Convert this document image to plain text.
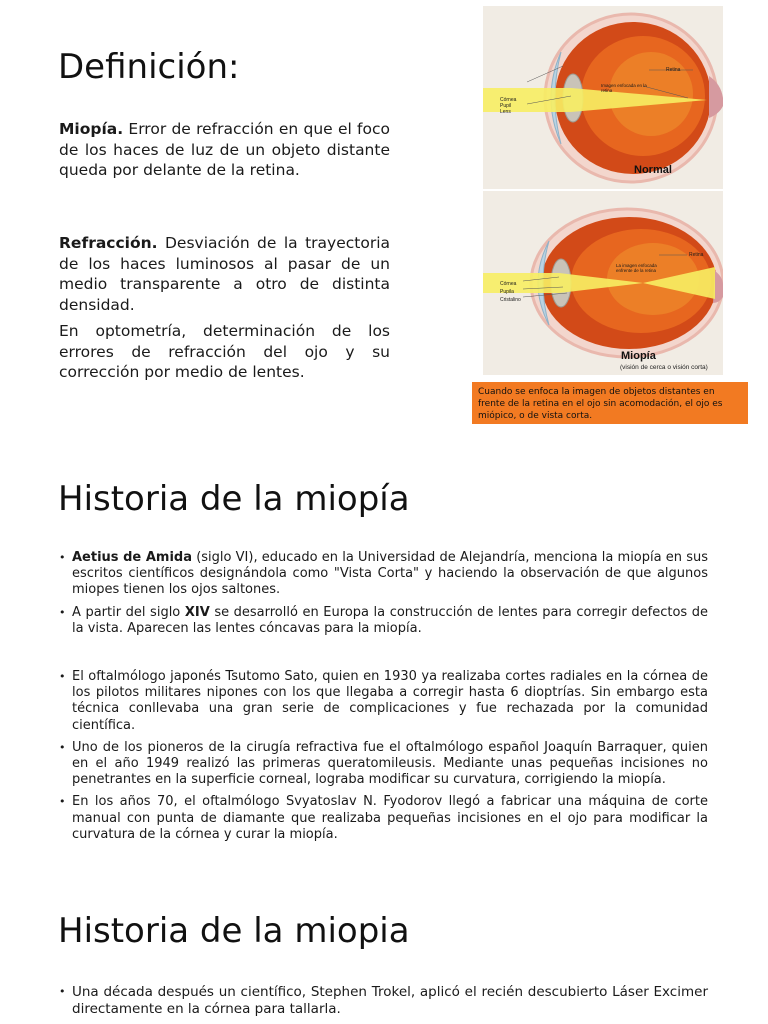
Definición:

Miopía. Error de refracción en que el foco de los haces de luz de un objeto distante queda por delante de la retina.

Refracción. Desviación de la trayectoria de los haces luminosos al pasar de un medio transparente a otro de distinta densidad.

En optometría, determinación de los errores de refracción del ojo y su corrección por medio de lentes.

Córnea
Pupil
Lens
Retina
Imagen enfocada en la retina
Normal
Córnea
Pupila
Cristalino
Retina
La imagen enfocada enfrente de la retina
Miopía
(visión de cerca o visión corta)
Cuando se enfoca la imagen de objetos distantes en frente de la retina en el ojo sin acomodación, el ojo es miópico, o de vista corta.
Historia de la miopía
• Aetius de Amida (siglo VI), educado en la Universidad de Alejandría, menciona la miopía en sus escritos científicos designándola como "Vista Corta" y haciendo la observación de que algunos miopes tienen los ojos saltones.
• A partir del siglo XIV se desarrolló en Europa la construcción de lentes para corregir defectos de la vista. Aparecen las lentes cóncavas para la miopía.
• El oftalmólogo japonés Tsutomo Sato, quien en 1930 ya realizaba cortes radiales en la córnea de los pilotos militares nipones con los que llegaba a corregir hasta 6 dioptrías. Sin embargo esta técnica conllevaba una gran serie de complicaciones y fue rechazada por la comunidad científica.
• Uno de los pioneros de la cirugía refractiva fue el oftalmólogo español Joaquín Barraquer, quien en el año 1949 realizó las primeras queratomileusis. Mediante unas pequeñas incisiones no penetrantes en la superficie corneal, lograba modificar su curvatura, corrigiendo la miopía.
• En los años 70, el oftalmólogo Svyatoslav N. Fyodorov llegó a fabricar una máquina de corte manual con punta de diamante que realizaba pequeñas incisiones en el ojo para modificar la curvatura de la córnea y curar la miopía.
Historia de la miopia
• Una década después un científico, Stephen Trokel, aplicó el recién descubierto Láser Excimer directamente en la córnea para tallarla.
